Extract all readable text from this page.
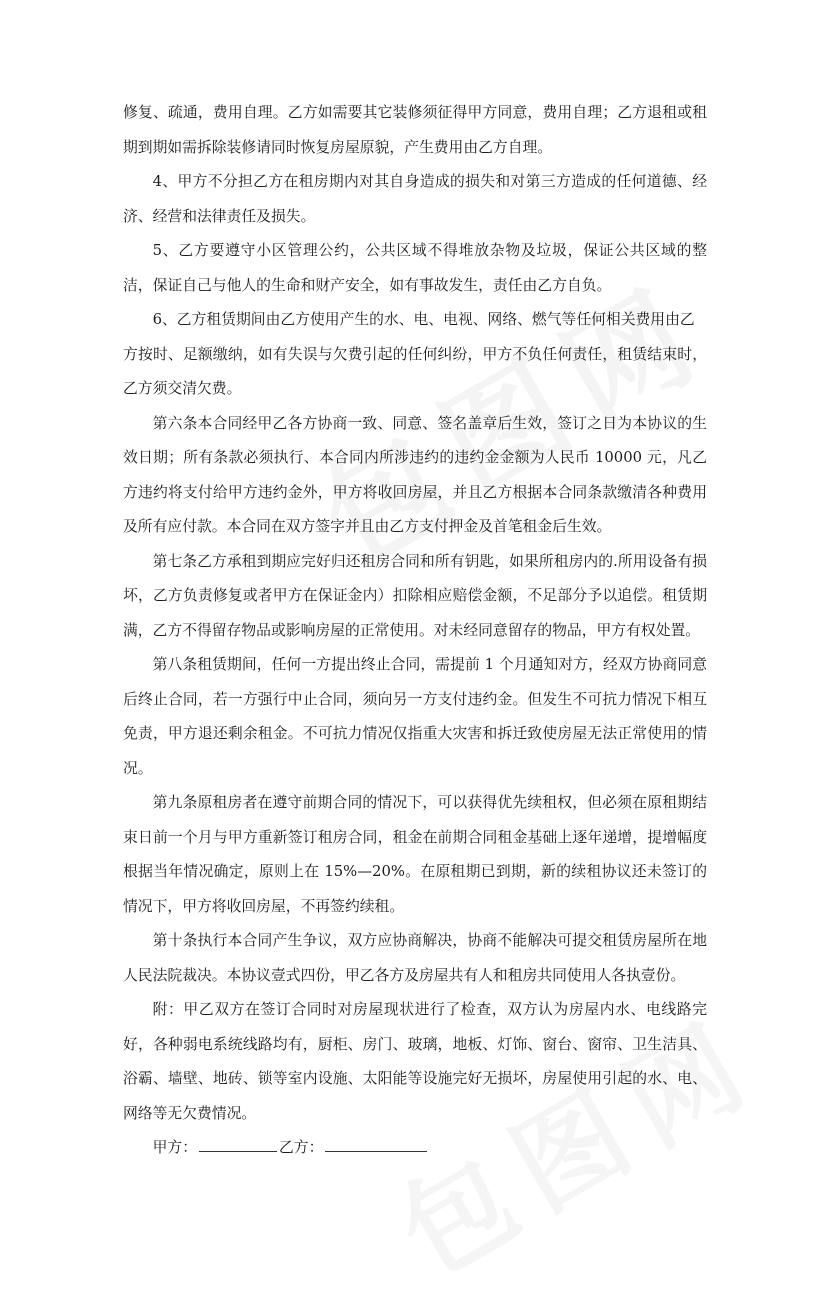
修复、疏通，费用自理。乙方如需要其它装修须征得甲方同意，费用自理；乙方退租或租期到期如需拆除装修请同时恢复房屋原貌，产生费用由乙方自理。

4、甲方不分担乙方在租房期内对其自身造成的损失和对第三方造成的任何道德、经济、经营和法律责任及损失。

5、乙方要遵守小区管理公约，公共区域不得堆放杂物及垃圾，保证公共区域的整洁，保证自己与他人的生命和财产安全，如有事故发生，责任由乙方自负。

6、乙方租赁期间由乙方使用产生的水、电、电视、网络、燃气等任何相关费用由乙

方按时、足额缴纳，如有失误与欠费引起的任何纠纷，甲方不负任何责任，租赁结束时，乙方须交清欠费。

第六条本合同经甲乙各方协商一致、同意、签名盖章后生效，签订之日为本协议的生效日期；所有条款必须执行、本合同内所涉违约的违约金金额为人民币 10000 元，凡乙方违约将支付给甲方违约金外，甲方将收回房屋，并且乙方根据本合同条款缴清各种费用及所有应付款。本合同在双方签字并且由乙方支付押金及首笔租金后生效。

第七条乙方承租到期应完好归还租房合同和所有钥匙，如果所租房内的.所用设备有损坏，乙方负责修复或者甲方在保证金内）扣除相应赔偿金额，不足部分予以追偿。租赁期满，乙方不得留存物品或影响房屋的正常使用。对未经同意留存的物品，甲方有权处置。

第八条租赁期间，任何一方提出终止合同，需提前 1 个月通知对方，经双方协商同意后终止合同，若一方强行中止合同，须向另一方支付违约金。但发生不可抗力情况下相互免责，甲方退还剩余租金。不可抗力情况仅指重大灾害和拆迁致使房屋无法正常使用的情况。

第九条原租房者在遵守前期合同的情况下，可以获得优先续租权，但必须在原租期结束日前一个月与甲方重新签订租房合同，租金在前期合同租金基础上逐年递增，提增幅度根据当年情况确定，原则上在 15%—20%。在原租期已到期，新的续租协议还未签订的情况下，甲方将收回房屋，不再签约续租。

第十条执行本合同产生争议，双方应协商解决，协商不能解决可提交租赁房屋所在地人民法院裁决。本协议壹式四份，甲乙各方及房屋共有人和租房共同使用人各执壹份。

附：甲乙双方在签订合同时对房屋现状进行了检查，双方认为房屋内水、电线路完好，各种弱电系统线路均有，厨柜、房门、玻璃，地板、灯饰、窗台、窗帘、卫生洁具、浴霸、墙壁、地砖、锁等室内设施、太阳能等设施完好无损坏，房屋使用引起的水、电、网络等无欠费情况。

甲方：	乙方：
